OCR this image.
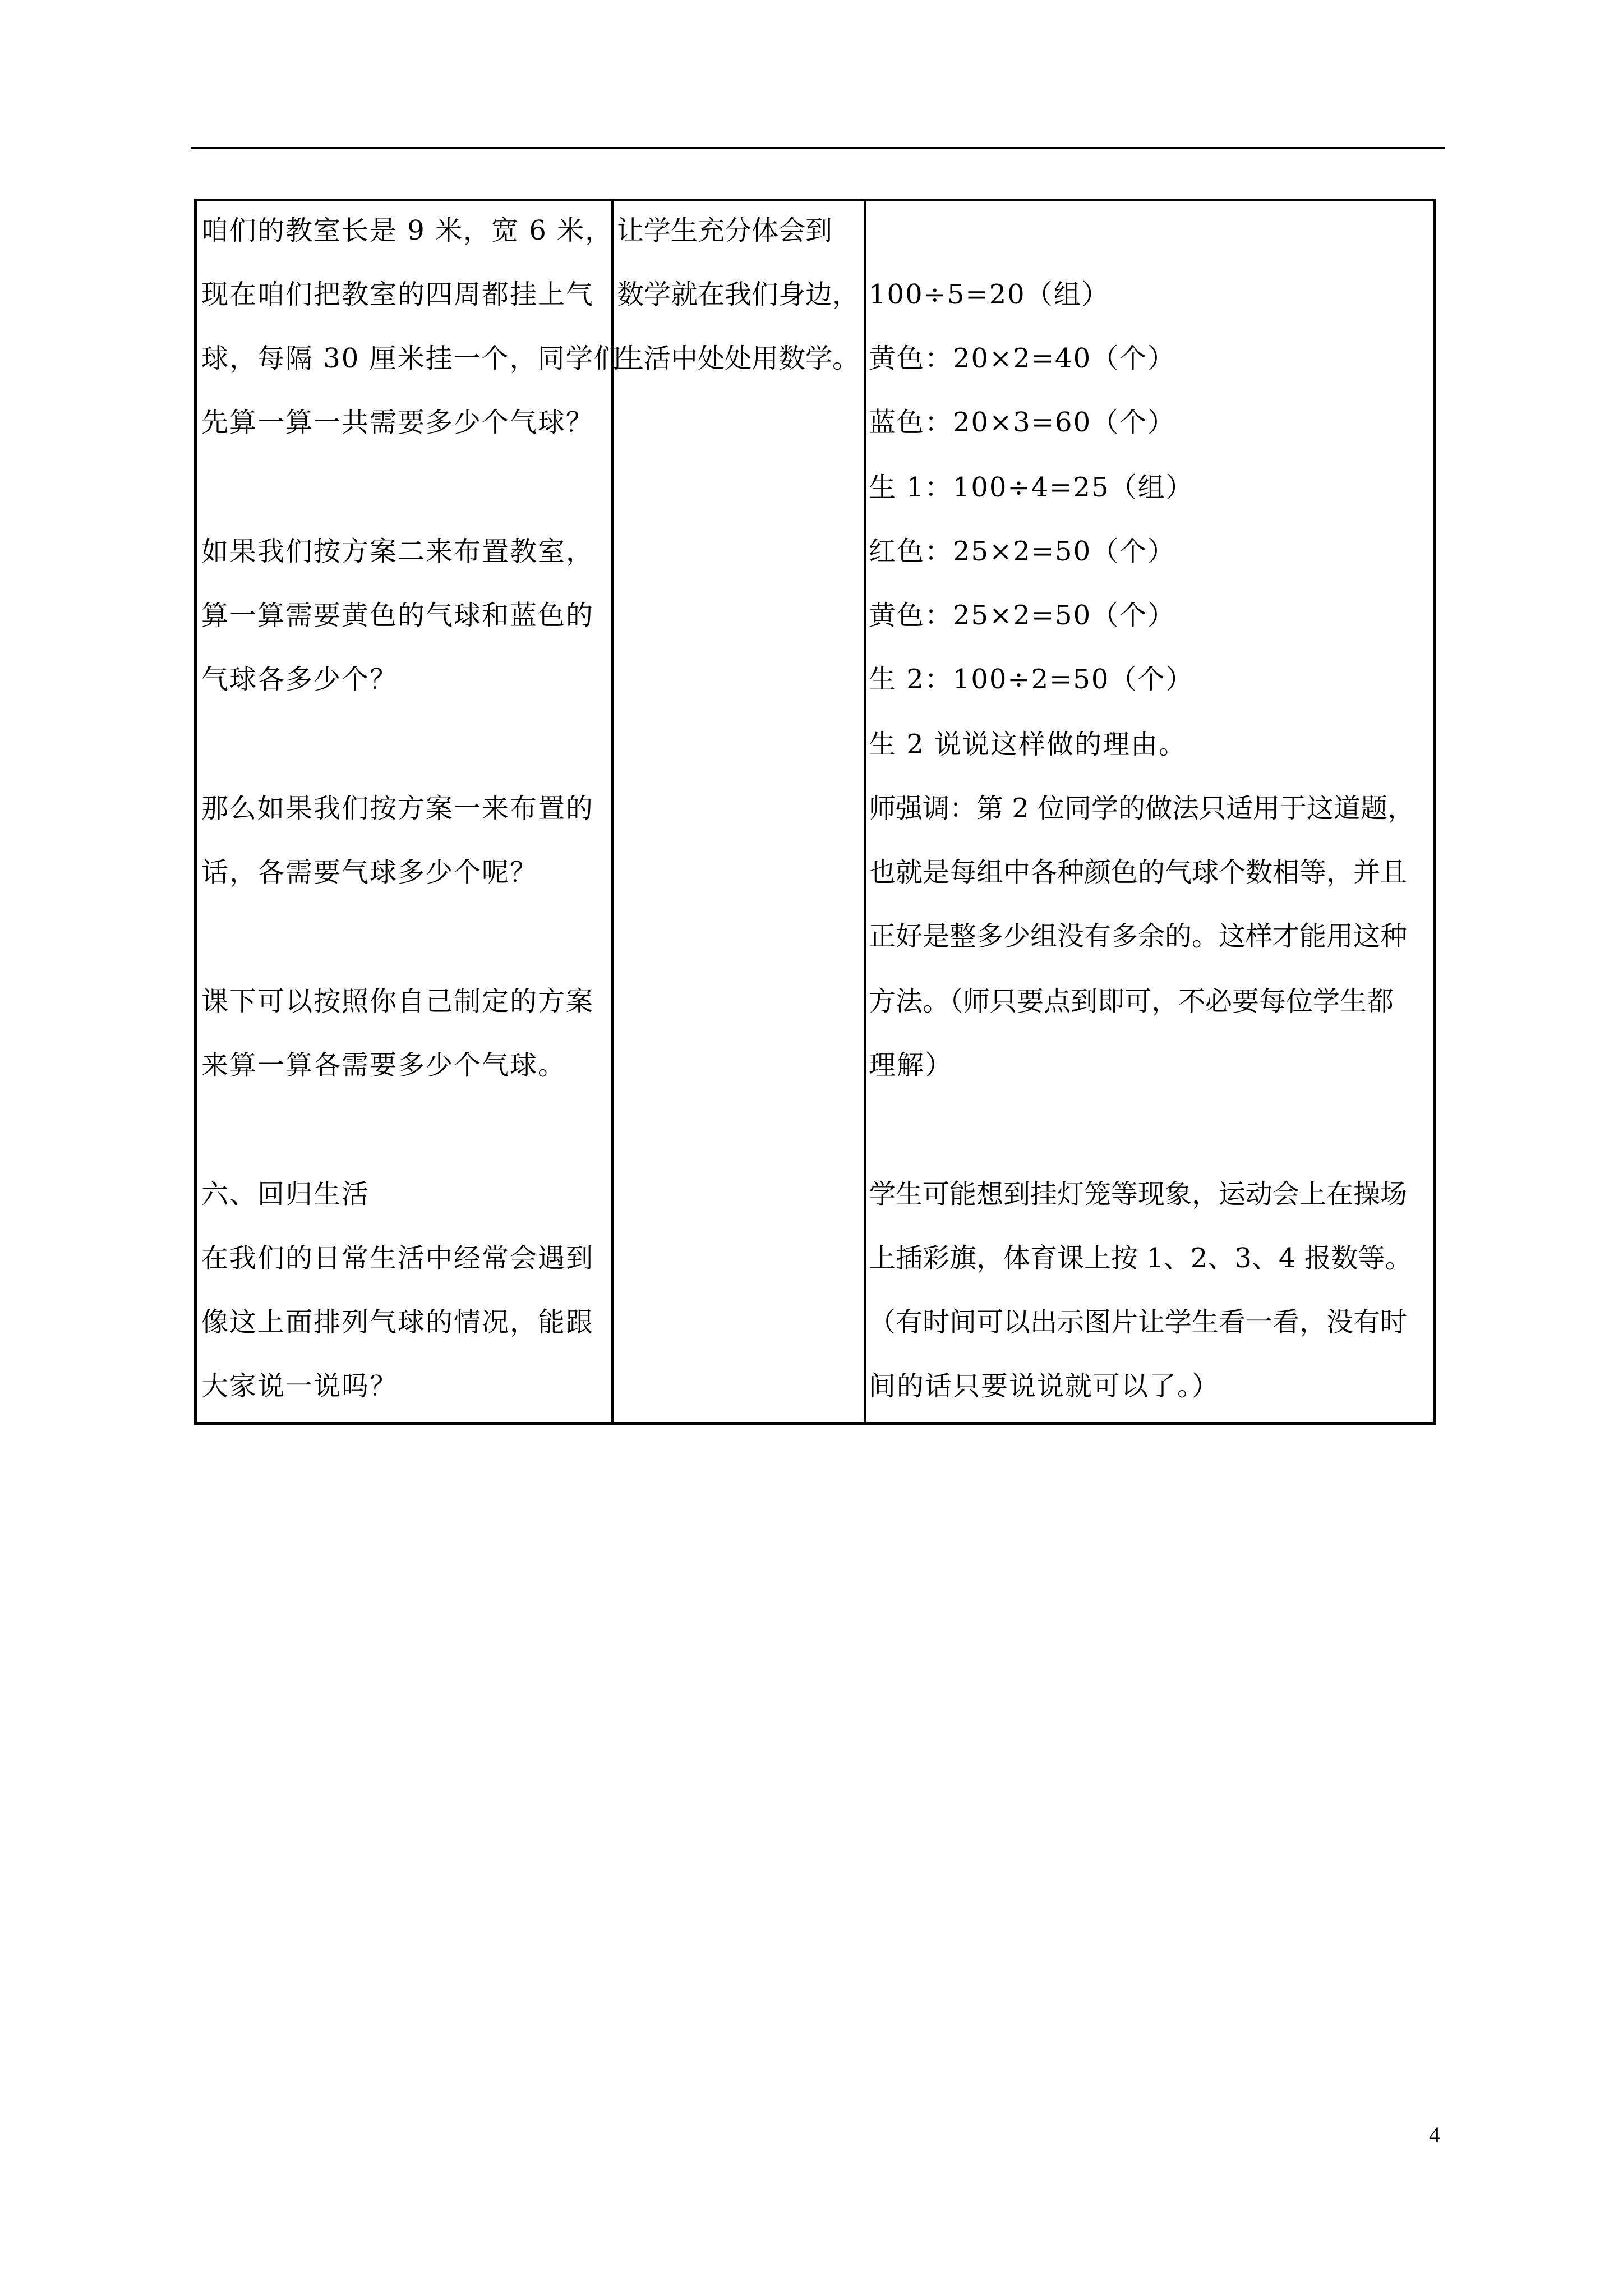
咱们的教室长是 9 米，宽 6 米，
现在咱们把教室的四周都挂上气
球，每隔 30 厘米挂一个，同学们
先算一算一共需要多少个气球？
如果我们按方案二来布置教室，
算一算需要黄色的气球和蓝色的
气球各多少个？
那么如果我们按方案一来布置的
话，各需要气球多少个呢？
课下可以按照你自己制定的方案
来算一算各需要多少个气球。
六、回归生活
在我们的日常生活中经常会遇到
像这上面排列气球的情况，能跟
大家说一说吗？
让学生充分体会到
数学就在我们身边，
生活中处处用数学。
100÷5=20（组）
黄色：20×2=40（个）
蓝色：20×3=60（个）
生 1：100÷4=25（组）
红色：25×2=50（个）
黄色：25×2=50（个）
生 2：100÷2=50（个）
生 2 说说这样做的理由。
师强调：第 2 位同学的做法只适用于这道题，
也就是每组中各种颜色的气球个数相等，并且
正好是整多少组没有多余的。这样才能用这种
方法。（师只要点到即可，不必要每位学生都
理解）
学生可能想到挂灯笼等现象，运动会上在操场
上插彩旗，体育课上按 1、2、3、4 报数等。
（有时间可以出示图片让学生看一看，没有时
间的话只要说说就可以了。）
4
